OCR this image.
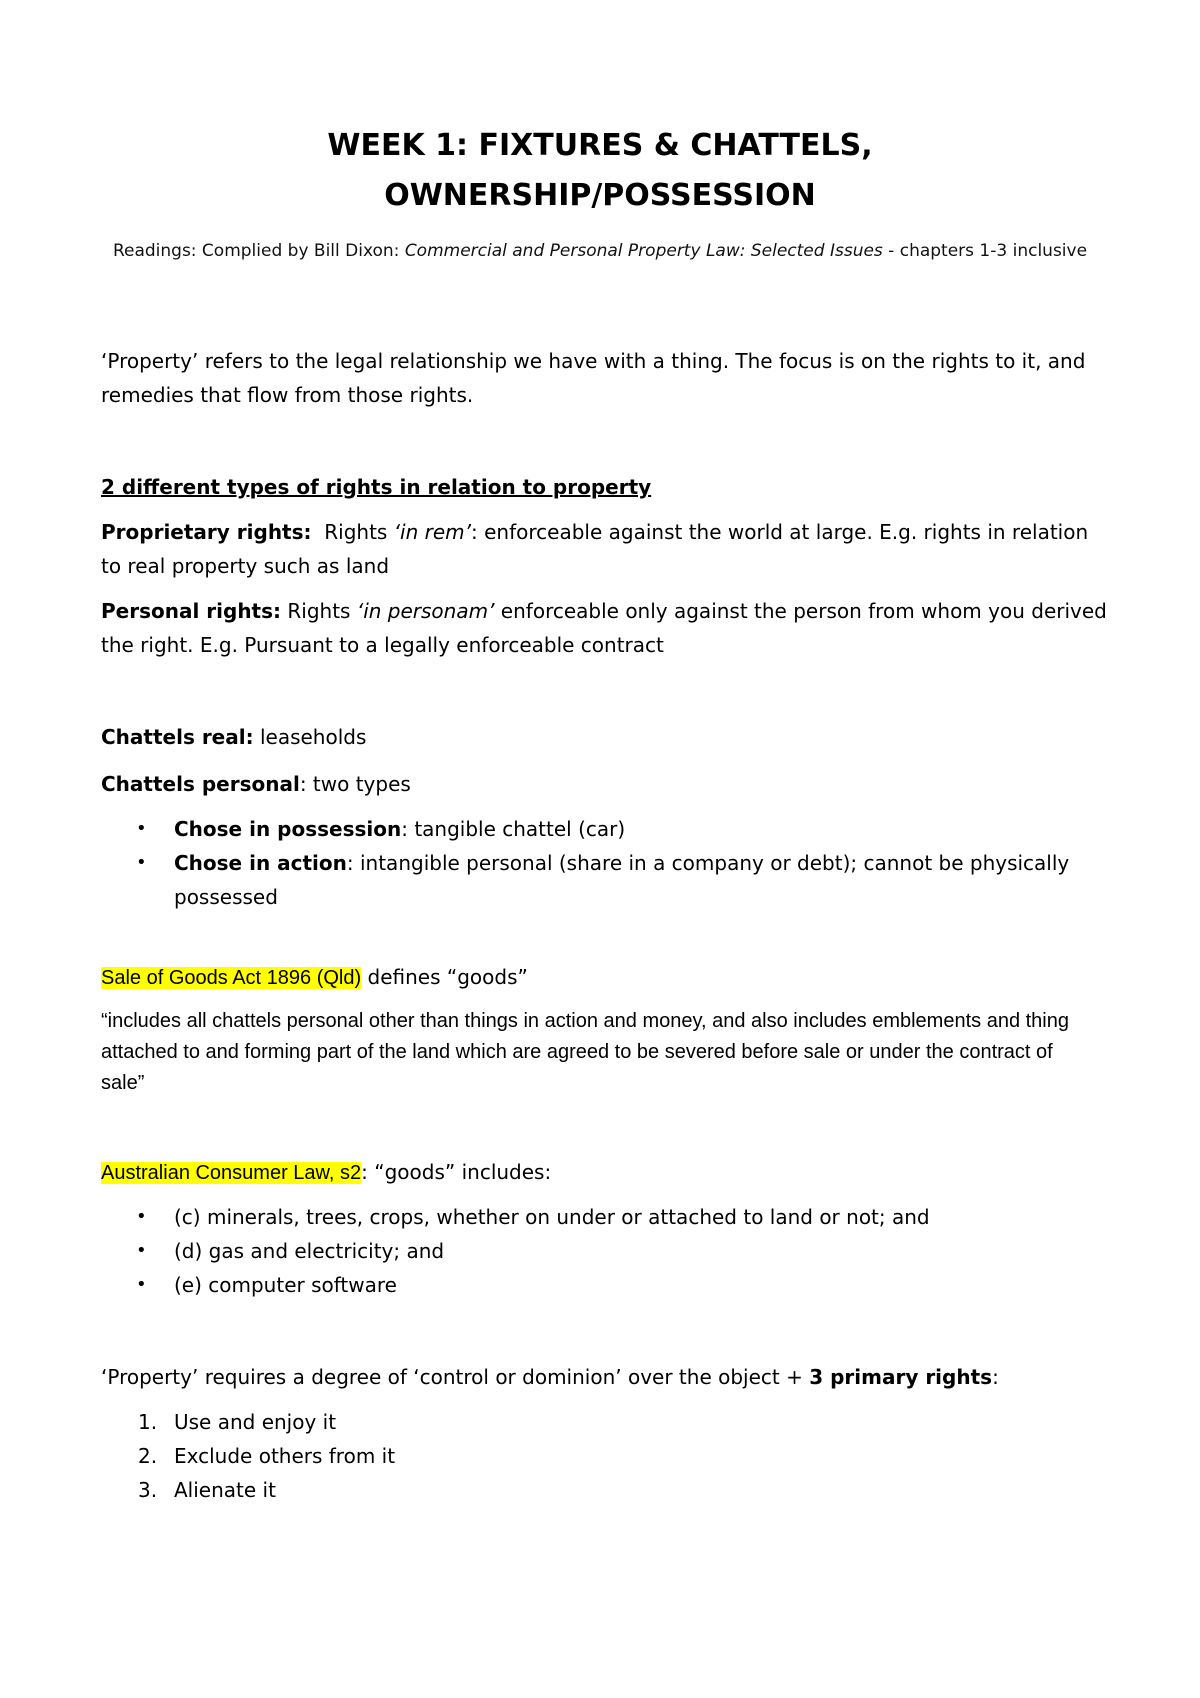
WEEK 1: FIXTURES & CHATTELS,
OWNERSHIP/POSSESSION
Readings: Complied by Bill Dixon: Commercial and Personal Property Law: Selected Issues - chapters 1-3 inclusive
‘Property’ refers to the legal relationship we have with a thing. The focus is on the rights to it, and remedies that flow from those rights.
2 different types of rights in relation to property
Proprietary rights:  Rights ‘in rem’: enforceable against the world at large. E.g. rights in relation to real property such as land
Personal rights: Rights ‘in personam’ enforceable only against the person from whom you derived the right. E.g. Pursuant to a legally enforceable contract
Chattels real: leaseholds
Chattels personal: two types
• Chose in possession: tangible chattel (car)
• Chose in action: intangible personal (share in a company or debt); cannot be physically possessed
Sale of Goods Act 1896 (Qld) defines “goods”
“includes all chattels personal other than things in action and money, and also includes emblements and thing attached to and forming part of the land which are agreed to be severed before sale or under the contract of sale”
Australian Consumer Law, s2: “goods” includes:
• (c) minerals, trees, crops, whether on under or attached to land or not; and
• (d) gas and electricity; and
• (e) computer software
‘Property’ requires a degree of ‘control or dominion’ over the object + 3 primary rights:
1. Use and enjoy it
2. Exclude others from it
3. Alienate it
